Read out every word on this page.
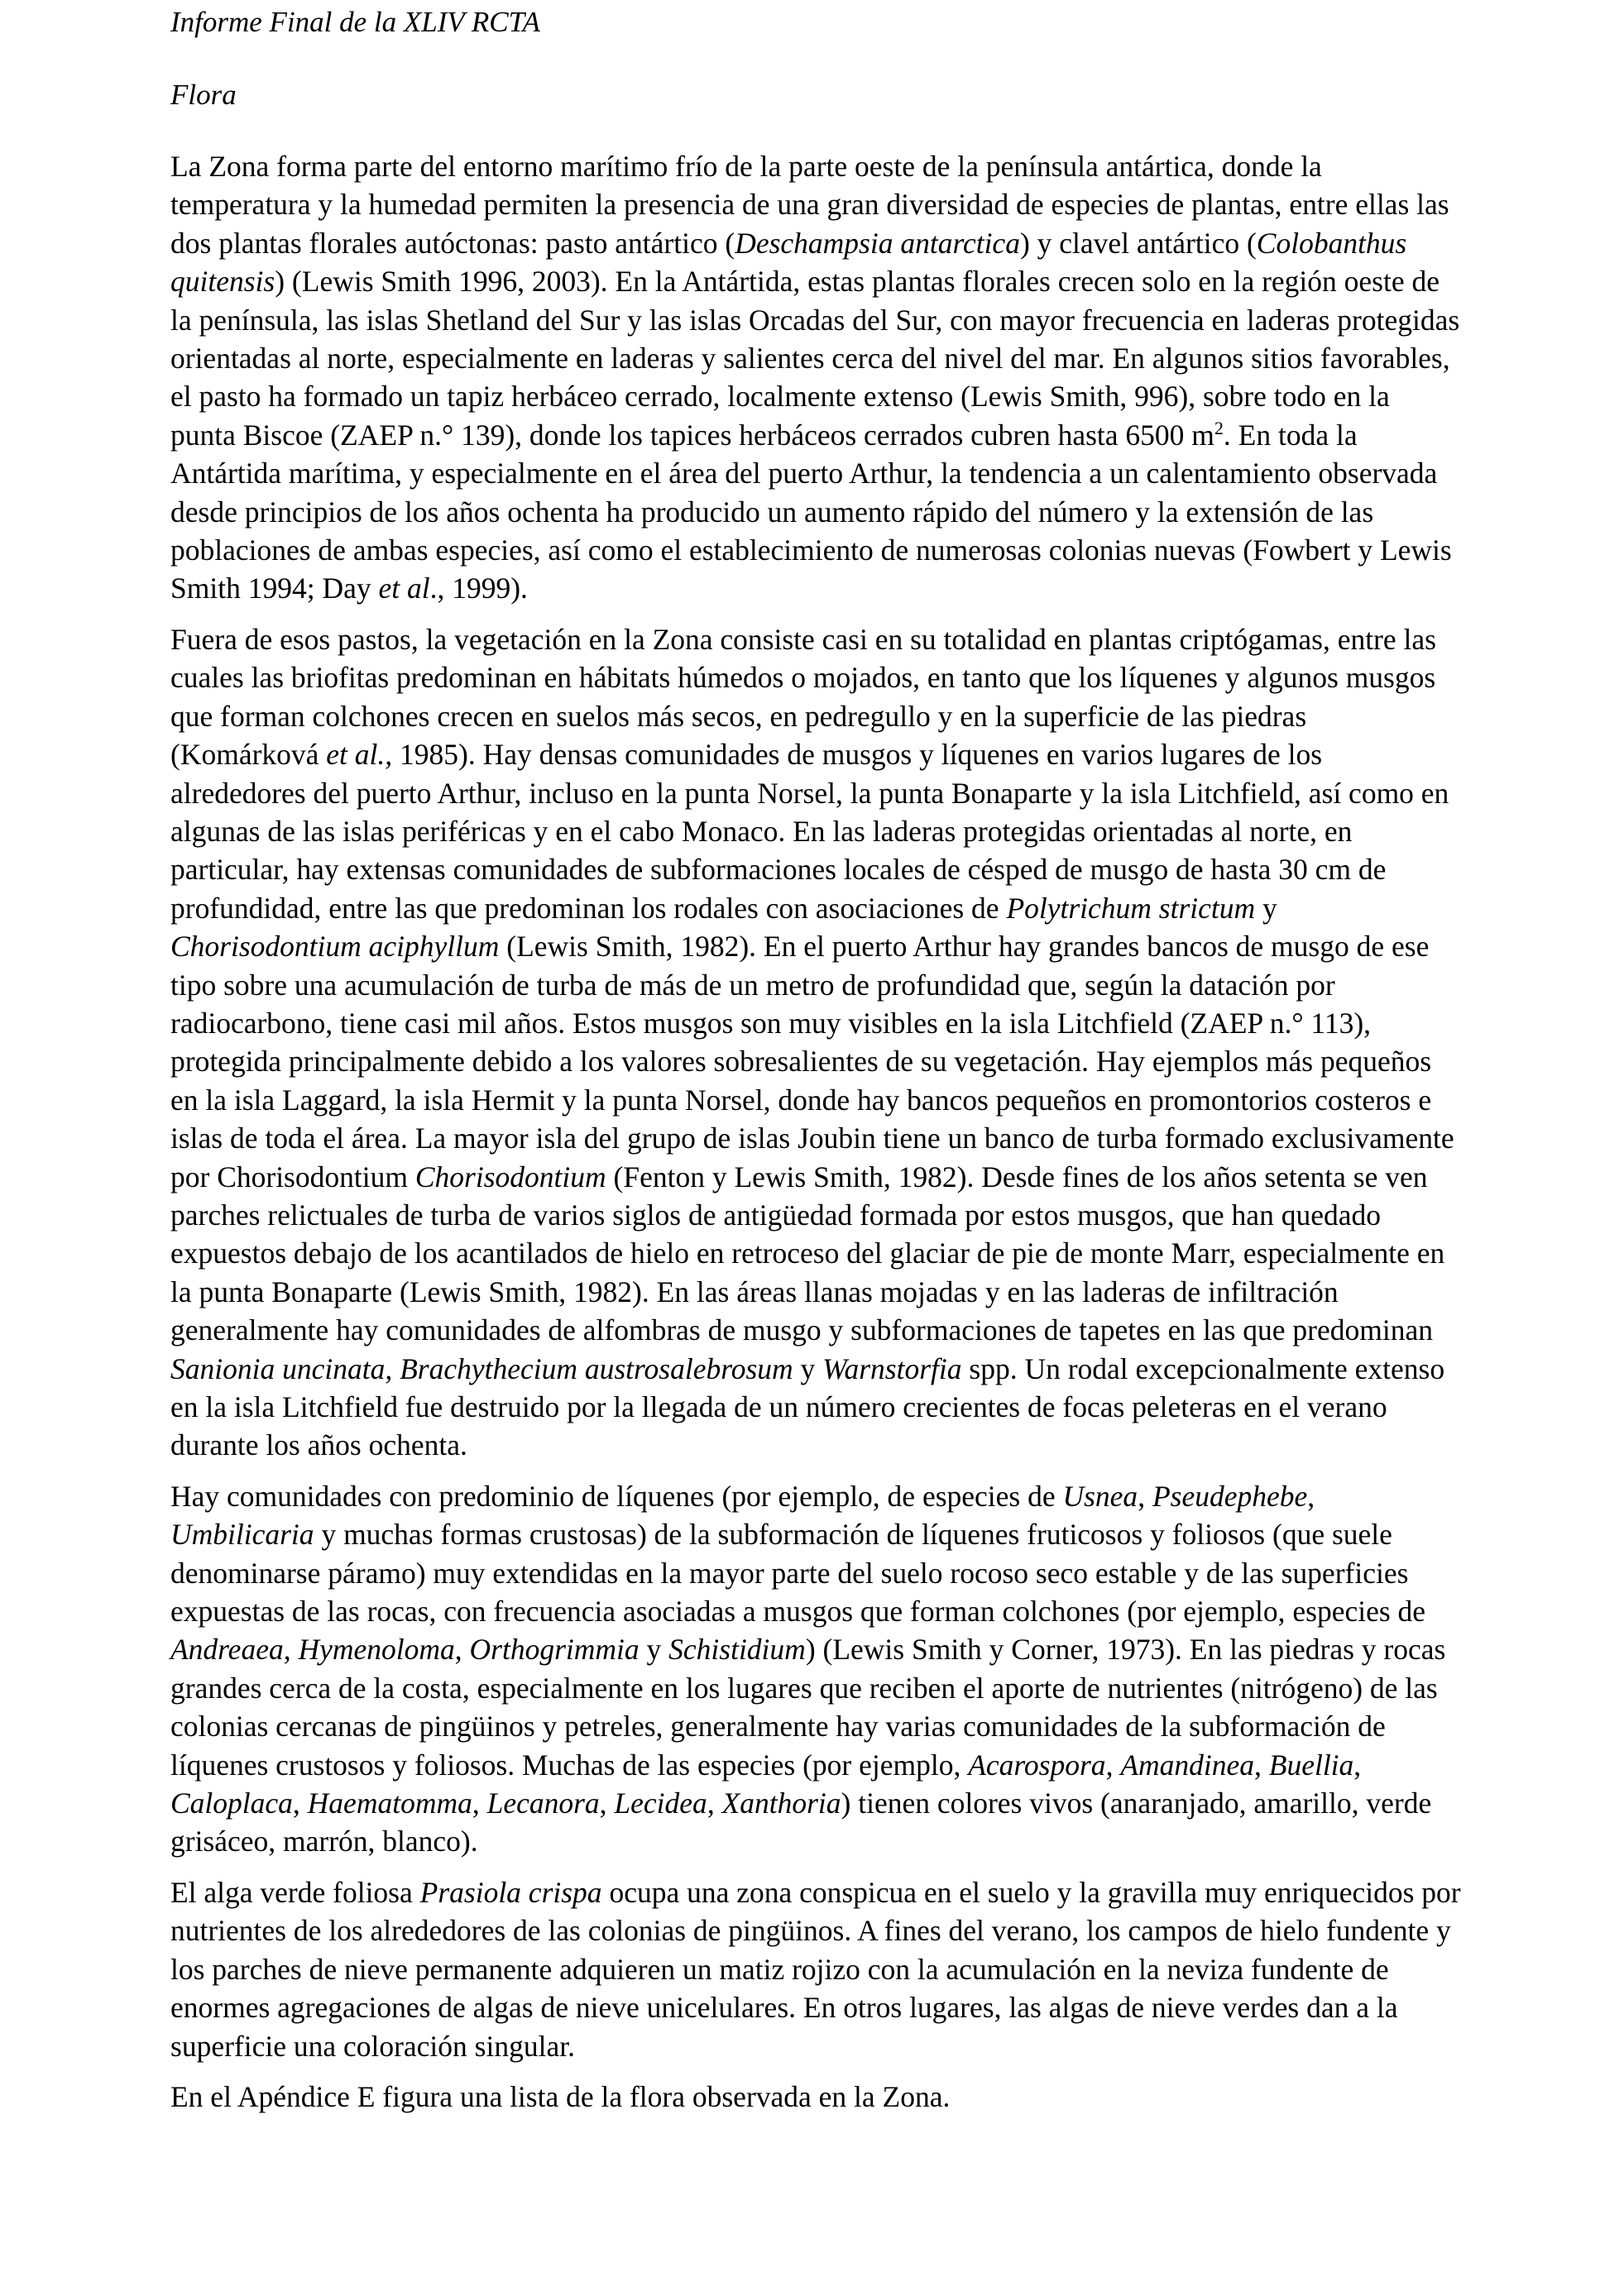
Informe Final de la XLIV RCTA
Flora

La Zona forma parte del entorno marítimo frío de la parte oeste de la península antártica, donde la temperatura y la humedad permiten la presencia de una gran diversidad de especies de plantas, entre ellas las dos plantas florales autóctonas: pasto antártico (Deschampsia antarctica) y clavel antártico (Colobanthus quitensis) (Lewis Smith 1996, 2003). En la Antártida, estas plantas florales crecen solo en la región oeste de la península, las islas Shetland del Sur y las islas Orcadas del Sur, con mayor frecuencia en laderas protegidas orientadas al norte, especialmente en laderas y salientes cerca del nivel del mar. En algunos sitios favorables, el pasto ha formado un tapiz herbáceo cerrado, localmente extenso (Lewis Smith, 996), sobre todo en la punta Biscoe (ZAEP n.° 139), donde los tapices herbáceos cerrados cubren hasta 6500 $m^2$. En toda la Antártida marítima, y especialmente en el área del puerto Arthur, la tendencia a un calentamiento observada desde principios de los años ochenta ha producido un aumento rápido del número y la extensión de las poblaciones de ambas especies, así como el establecimiento de numerosas colonias nuevas (Fowbert y Lewis Smith 1994; Day et al., 1999).

Fuera de esos pastos, la vegetación en la Zona consiste casi en su totalidad en plantas criptógamas, entre las cuales las briofitas predominan en hábitats húmedos o mojados, en tanto que los líquenes y algunos musgos que forman colchones crecen en suelos más secos, en pedregullo y en la superficie de las piedras (Komárková et al., 1985). Hay densas comunidades de musgos y líquenes en varios lugares de los alrededores del puerto Arthur, incluso en la punta Norsel, la punta Bonaparte y la isla Litchfield, así como en algunas de las islas periféricas y en el cabo Monaco. En las laderas protegidas orientadas al norte, en particular, hay extensas comunidades de subformaciones locales de césped de musgo de hasta 30 cm de profundidad, entre las que predominan los rodales con asociaciones de Polytrichum strictum y Chorisodontium aciphyllum (Lewis Smith, 1982). En el puerto Arthur hay grandes bancos de musgo de ese tipo sobre una acumulación de turba de más de un metro de profundidad que, según la datación por radiocarbono, tiene casi mil años. Estos musgos son muy visibles en la isla Litchfield (ZAEP n.° 113), protegida principalmente debido a los valores sobresalientes de su vegetación. Hay ejemplos más pequeños en la isla Laggard, la isla Hermit y la punta Norsel, donde hay bancos pequeños en promontorios costeros e islas de toda el área. La mayor isla del grupo de islas Joubin tiene un banco de turba formado exclusivamente por Chorisodontium Chorisodontium (Fenton y Lewis Smith, 1982). Desde fines de los años setenta se ven parches relictuales de turba de varios siglos de antigüedad formada por estos musgos, que han quedado expuestos debajo de los acantilados de hielo en retroceso del glaciar de pie de monte Marr, especialmente en la punta Bonaparte (Lewis Smith, 1982). En las áreas llanas mojadas y en las laderas de infiltración generalmente hay comunidades de alfombras de musgo y subformaciones de tapetes en las que predominan Sanionia uncinata, Brachythecium austrosalebrosum y Warnstorfia spp. Un rodal excepcionalmente extenso en la isla Litchfield fue destruido por la llegada de un número crecientes de focas peleteras en el verano durante los años ochenta.

Hay comunidades con predominio de líquenes (por ejemplo, de especies de Usnea, Pseudephebe, Umbilicaria y muchas formas crustosas) de la subformación de líquenes fruticosos y foliosos (que suele denominarse páramo) muy extendidas en la mayor parte del suelo rocoso seco estable y de las superficies expuestas de las rocas, con frecuencia asociadas a musgos que forman colchones (por ejemplo, especies de Andreaea, Hymenoloma, Orthogrimmia y Schistidium) (Lewis Smith y Corner, 1973). En las piedras y rocas grandes cerca de la costa, especialmente en los lugares que reciben el aporte de nutrientes (nitrógeno) de las colonias cercanas de pingüinos y petreles, generalmente hay varias comunidades de la subformación de líquenes crustosos y foliosos. Muchas de las especies (por ejemplo, Acarospora, Amandinea, Buellia, Caloplaca, Haematomma, Lecanora, Lecidea, Xanthoria) tienen colores vivos (anaranjado, amarillo, verde grisáceo, marrón, blanco).

El alga verde foliosa Prasiola crispa ocupa una zona conspicua en el suelo y la gravilla muy enriquecidos por nutrientes de los alrededores de las colonias de pingüinos. A fines del verano, los campos de hielo fundente y los parches de nieve permanente adquieren un matiz rojizo con la acumulación en la neviza fundente de enormes agregaciones de algas de nieve unicelulares. En otros lugares, las algas de nieve verdes dan a la superficie una coloración singular.

En el Apéndice E figura una lista de la flora observada en la Zona.
